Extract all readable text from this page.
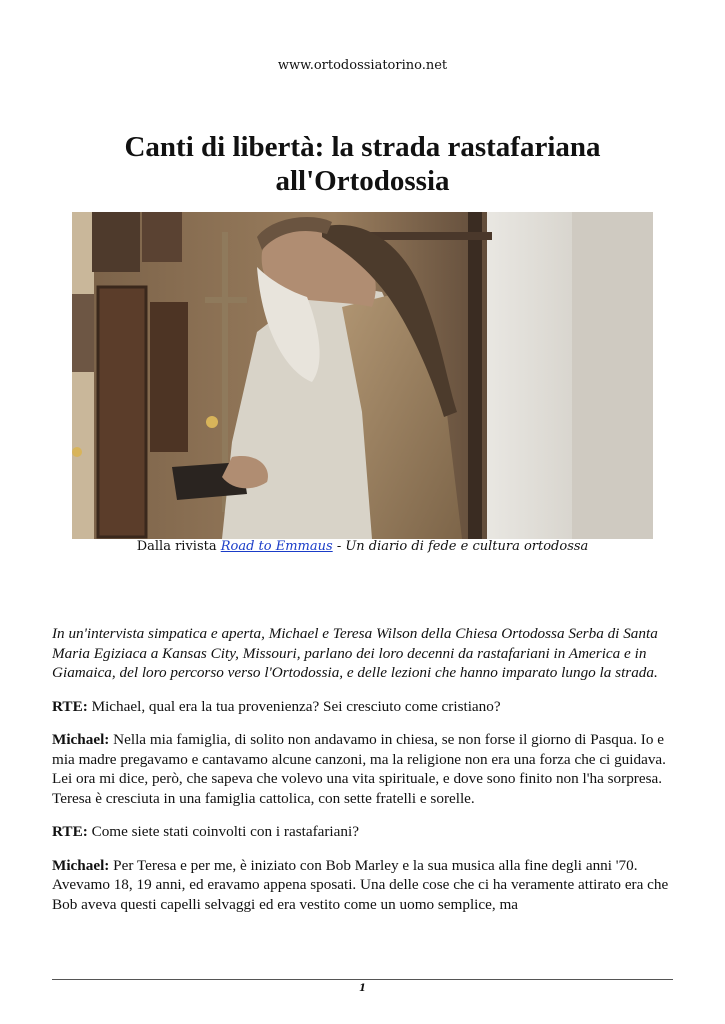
www.ortodossiatorino.net
Canti di libertà: la strada rastafariana all'Ortodossia
Dalla rivista Road to Emmaus - Un diario di fede e cultura ortodossa

In un'intervista simpatica e aperta, Michael e Teresa Wilson della Chiesa Ortodossa Serba di Santa Maria Egiziaca a Kansas City, Missouri, parlano dei loro decenni da rastafariani in America e in Giamaica, del loro percorso verso l'Ortodossia, e delle lezioni che hanno imparato lungo la strada.

RTE: Michael, qual era la tua provenienza? Sei cresciuto come cristiano?

Michael: Nella mia famiglia, di solito non andavamo in chiesa, se non forse il giorno di Pasqua. Io e mia madre pregavamo e cantavamo alcune canzoni, ma la religione non era una forza che ci guidava. Lei ora mi dice, però, che sapeva che volevo una vita spirituale, e dove sono finito non l'ha sorpresa. Teresa è cresciuta in una famiglia cattolica, con sette fratelli e sorelle.

RTE: Come siete stati coinvolti con i rastafariani?

Michael: Per Teresa e per me, è iniziato con Bob Marley e la sua musica alla fine degli anni '70. Avevamo 18, 19 anni, ed eravamo appena sposati. Una delle cose che ci ha veramente attirato era che Bob aveva questi capelli selvaggi ed era vestito come un uomo semplice, ma

1
